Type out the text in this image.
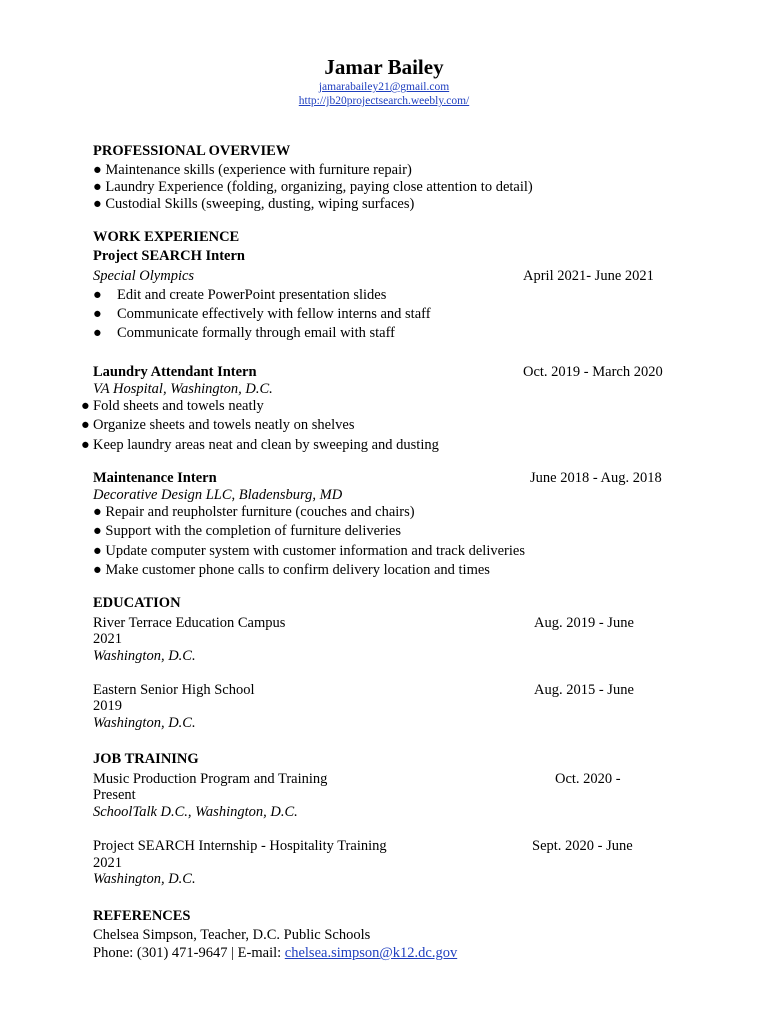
Jamar Bailey
jamarabailey21@gmail.com
http://jb20projectsearch.weebly.com/
PROFESSIONAL OVERVIEW
● Maintenance skills (experience with furniture repair)
● Laundry Experience (folding, organizing, paying close attention to detail)
● Custodial Skills (sweeping, dusting, wiping surfaces)
WORK EXPERIENCE
Project SEARCH Intern
Special Olympics	April 2021- June 2021
● Edit and create PowerPoint presentation slides
● Communicate effectively with fellow interns and staff
● Communicate formally through email with staff
Laundry Attendant Intern	Oct. 2019 - March 2020
VA Hospital, Washington, D.C.
● Fold sheets and towels neatly
● Organize sheets and towels neatly on shelves
● Keep laundry areas neat and clean by sweeping and dusting
Maintenance Intern	June 2018 - Aug. 2018
Decorative Design LLC, Bladensburg, MD
● Repair and reupholster furniture (couches and chairs)
● Support with the completion of furniture deliveries
● Update computer system with customer information and track deliveries
● Make customer phone calls to confirm delivery location and times
EDUCATION
River Terrace Education Campus	Aug. 2019 - June
2021
Washington, D.C.
Eastern Senior High School	Aug. 2015 - June
2019
Washington, D.C.
JOB TRAINING
Music Production Program and Training	Oct. 2020 -
Present
SchoolTalk D.C., Washington, D.C.
Project SEARCH Internship - Hospitality Training	Sept. 2020 - June
2021
Washington, D.C.
REFERENCES
Chelsea Simpson, Teacher, D.C. Public Schools
Phone: (301) 471-9647 | E-mail: chelsea.simpson@k12.dc.gov
